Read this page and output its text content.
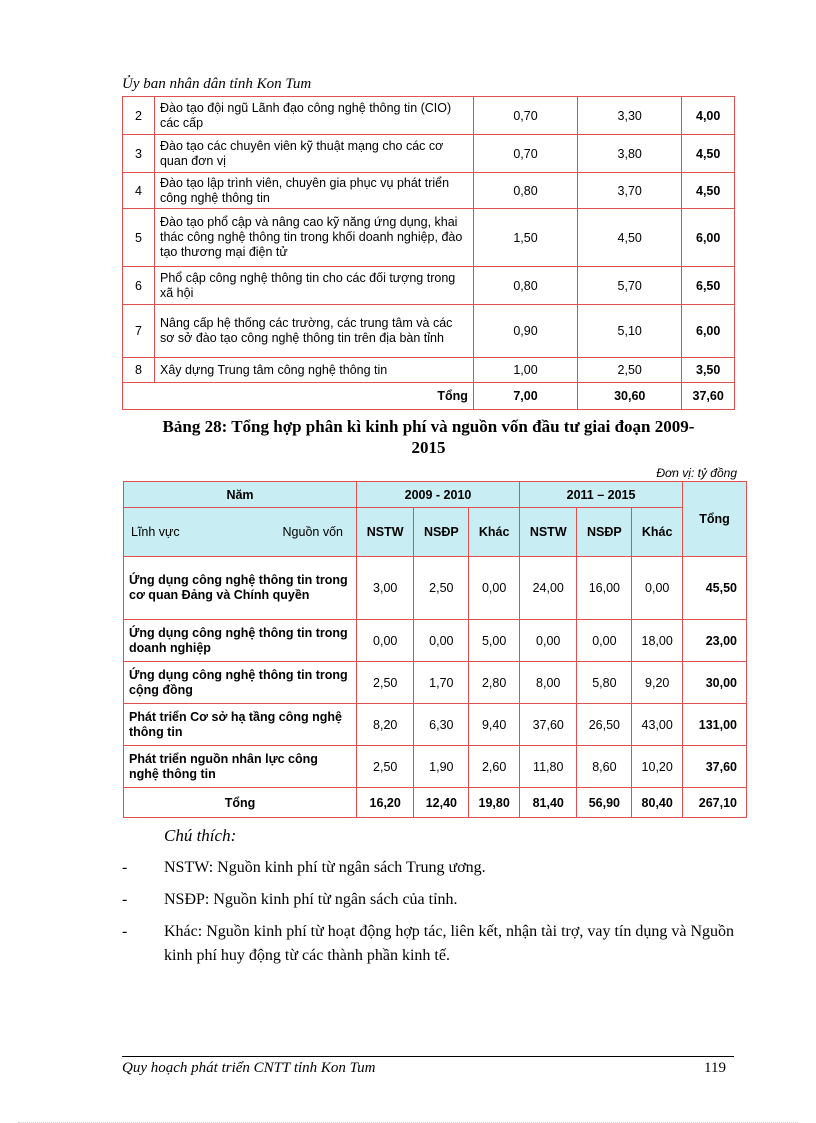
Ủy ban nhân dân tỉnh Kon Tum
2	Đào tạo đội ngũ Lãnh đạo công nghệ thông tin (CIO) các cấp	0,70	3,30	4,00
3	Đào tạo các chuyên viên kỹ thuật mạng cho các cơ quan đơn vị	0,70	3,80	4,50
4	Đào tạo lập trình viên, chuyên gia phục vụ phát triển công nghệ thông tin	0,80	3,70	4,50
5	Đào tạo phổ cập và nâng cao kỹ năng ứng dụng, khai thác công nghệ thông tin trong khối doanh nghiệp, đào tạo thương mại điện tử	1,50	4,50	6,00
6	Phổ cập công nghệ thông tin cho các đối tượng trong xã hội	0,80	5,70	6,50
7	Nâng cấp hệ thống các trường, các trung tâm và các sơ sở đào tạo công nghệ thông tin trên địa bàn tỉnh	0,90	5,10	6,00
8	Xây dựng Trung tâm công nghệ thông tin	1,00	2,50	3,50
Tổng		7,00	30,60	37,60
Bảng 28: Tổng hợp phân kì kinh phí và nguồn vốn đầu tư giai đoạn 2009-
2015
Đơn vị: tỷ đồng
Năm	2009 - 2010			2011 – 2015			Tổng

Lĩnh vực Nguồn vốn	NSTW	NSĐP	Khác	NSTW	NSĐP	Khác	
Ứng dụng công nghệ thông tin trong cơ quan Đảng và Chính quyền	3,00	2,50	0,00	24,00	16,00	0,00	45,50
Ứng dụng công nghệ thông tin trong doanh nghiệp	0,00	0,00	5,00	0,00	0,00	18,00	23,00
Ứng dụng công nghệ thông tin trong cộng đồng	2,50	1,70	2,80	8,00	5,80	9,20	30,00
Phát triển Cơ sở hạ tầng công nghệ thông tin	8,20	6,30	9,40	37,60	26,50	43,00	131,00
Phát triển nguồn nhân lực công nghệ thông tin	2,50	1,90	2,60	11,80	8,60	10,20	37,60
Tổng	16,20	12,40	19,80	81,40	56,90	80,40	267,10
Chú thích:
-	NSTW: Nguồn kinh phí từ ngân sách Trung ương.
-	NSĐP: Nguồn kinh phí từ ngân sách của tỉnh.
-	Khác: Nguồn kinh phí từ hoạt động hợp tác, liên kết, nhận tài trợ, vay tín dụng và Nguồn kinh phí huy động từ các thành phần kinh tế.
Quy hoạch phát triển CNTT tỉnh Kon Tum	119
